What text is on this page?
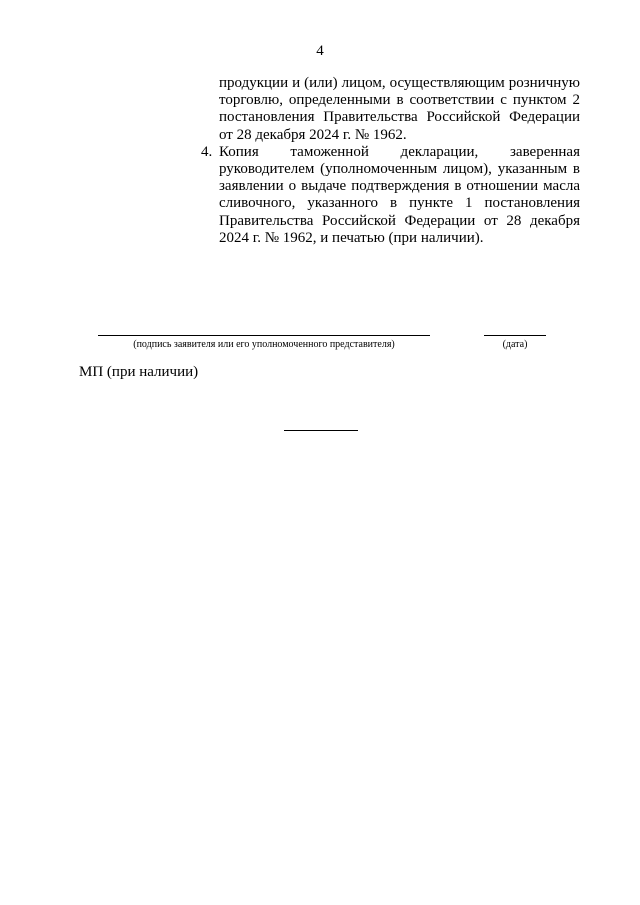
4

продукции и (или) лицом, осуществляющим розничную торговлю, определенными в соответствии с пунктом 2 постановления Правительства Российской Федерации от 28 декабря 2024 г. № 1962.

4. Копия таможенной декларации, заверенная руководителем (уполномоченным лицом), указанным в заявлении о выдаче подтверждения в отношении масла сливочного, указанного в пункте 1 постановления Правительства Российской Федерации от 28 декабря 2024 г. № 1962, и печатью (при наличии).

(подпись заявителя или его уполномоченного представителя)	(дата)
МП (при наличии)
